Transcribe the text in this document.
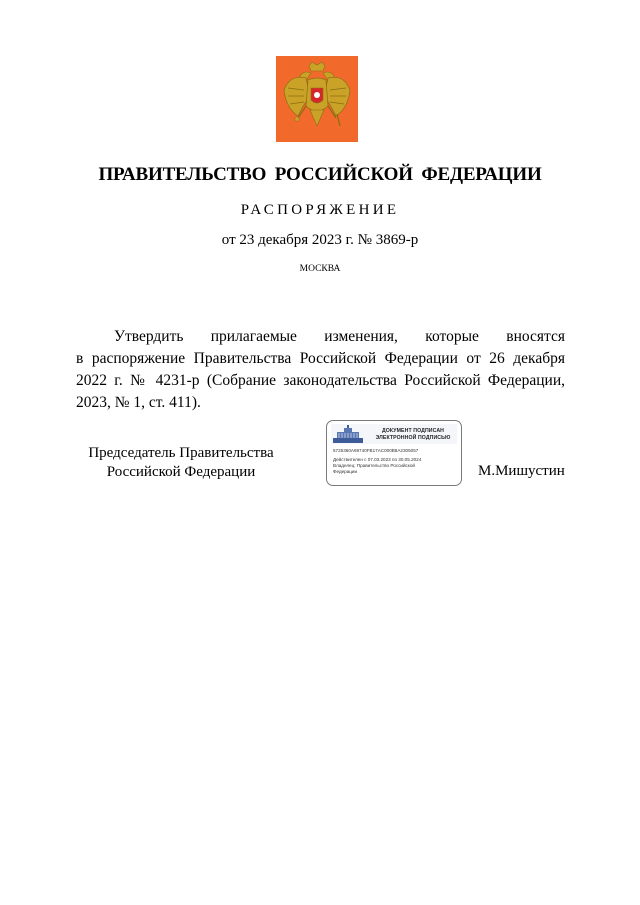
ПРАВИТЕЛЬСТВО РОССИЙСКОЙ ФЕДЕРАЦИИ
РАСПОРЯЖЕНИЕ
от 23 декабря 2023 г. № 3869-р
МОСКВА
Утвердить прилагаемые изменения, которые вносятся
в распоряжение Правительства Российской Федерации от 26 декабря
2022 г. № 4231-р (Собрание законодательства Российской Федерации,
2023, № 1, ст. 411).
Председатель Правительства
Российской Федерации
ДОКУМЕНТ ПОДПИСАН
ЭЛЕКТРОННОЙ ПОДПИСЬЮ
5725360A69740FB17AC000B8A2305057
Действителен с 07.03.2023 по 30.05.2024
Владелец: Правительство Российской
Федерации	М.Мишустин
